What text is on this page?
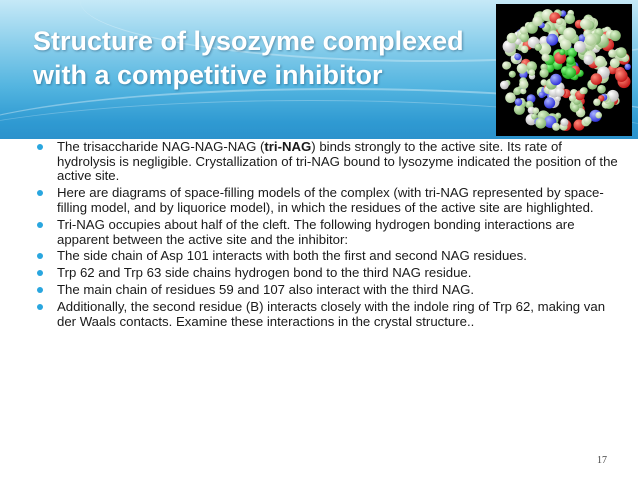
Structure of lysozyme complexed with a competitive inhibitor
The trisaccharide NAG-NAG-NAG (tri-NAG) binds strongly to the active site. Its rate of hydrolysis is negligible. Crystallization of tri-NAG bound to lysozyme indicated the position of the active site.
Here are diagrams of space-filling models of the complex (with tri-NAG represented by space-filling model, and by liquorice model), in which the residues of the active site are highlighted.
Tri-NAG occupies about half of the cleft. The following hydrogen bonding interactions are apparent between the active site and the inhibitor:
The side chain of Asp 101 interacts with both the first and second NAG residues.
Trp 62 and Trp 63 side chains hydrogen bond to the third NAG residue.
The main chain of residues 59 and 107 also interact with the third NAG.
Additionally, the second residue (B) interacts closely with the indole ring of Trp 62, making van der Waals contacts. Examine these interactions in the crystal structure..
17
